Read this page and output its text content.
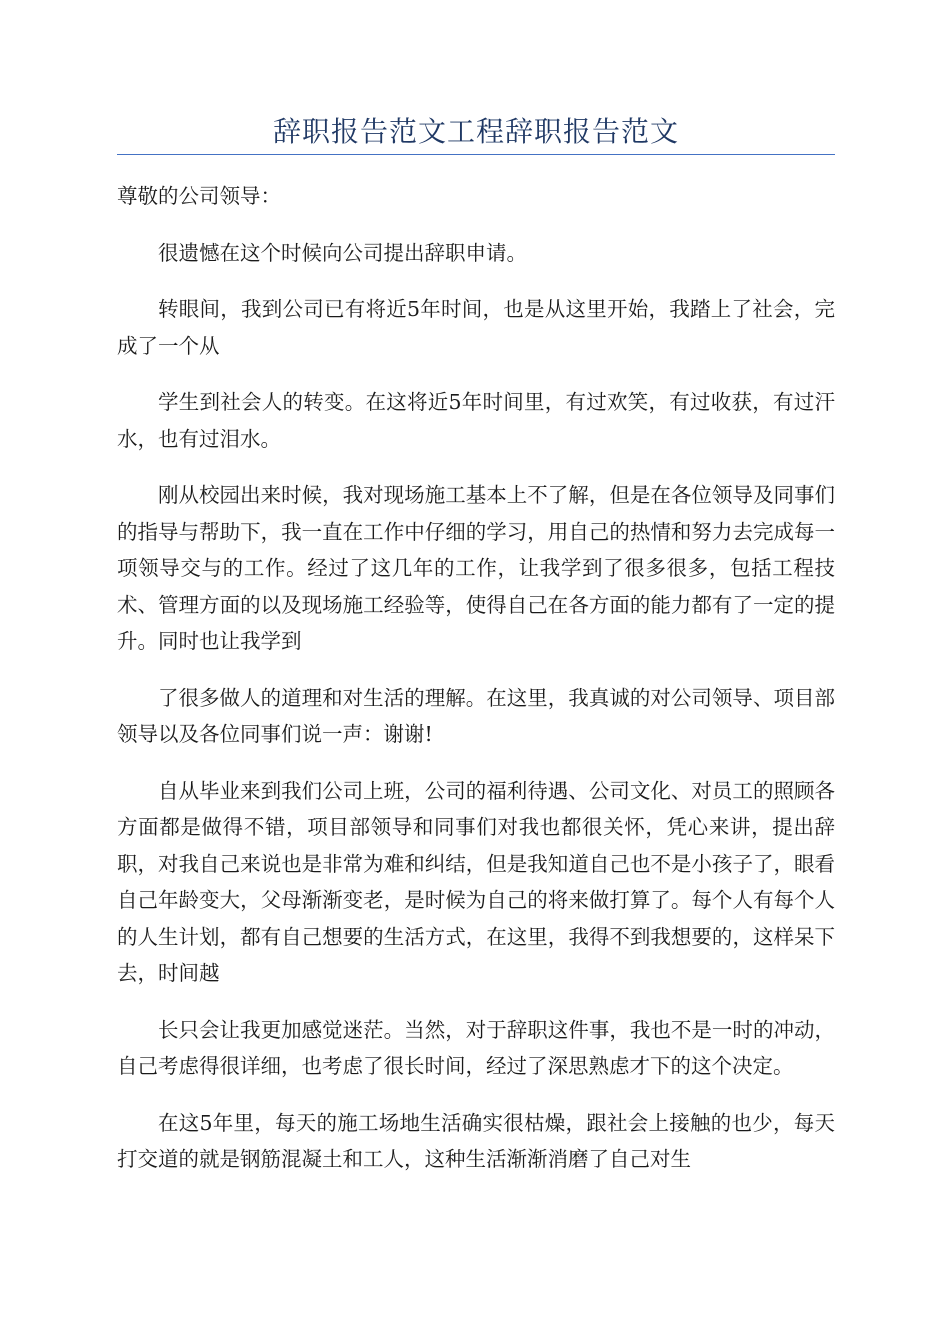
辞职报告范文工程辞职报告范文

尊敬的公司领导：

很遗憾在这个时候向公司提出辞职申请。

转眼间，我到公司已有将近5年时间，也是从这里开始，我踏上了社会，完成了一个从

学生到社会人的转变。在这将近5年时间里，有过欢笑，有过收获，有过汗水，也有过泪水。

刚从校园出来时候，我对现场施工基本上不了解，但是在各位领导及同事们的指导与帮助下，我一直在工作中仔细的学习，用自己的热情和努力去完成每一项领导交与的工作。经过了这几年的工作，让我学到了很多很多，包括工程技术、管理方面的以及现场施工经验等，使得自己在各方面的能力都有了一定的提升。同时也让我学到

了很多做人的道理和对生活的理解。在这里，我真诚的对公司领导、项目部领导以及各位同事们说一声：谢谢!

自从毕业来到我们公司上班，公司的福利待遇、公司文化、对员工的照顾各方面都是做得不错，项目部领导和同事们对我也都很关怀，凭心来讲，提出辞职，对我自己来说也是非常为难和纠结，但是我知道自己也不是小孩子了，眼看自己年龄变大，父母渐渐变老，是时候为自己的将来做打算了。每个人有每个人的人生计划，都有自己想要的生活方式，在这里，我得不到我想要的，这样呆下去，时间越

长只会让我更加感觉迷茫。当然，对于辞职这件事，我也不是一时的冲动，自己考虑得很详细，也考虑了很长时间，经过了深思熟虑才下的这个决定。

在这5年里，每天的施工场地生活确实很枯燥，跟社会上接触的也少，每天打交道的就是钢筋混凝土和工人，这种生活渐渐消磨了自己对生
